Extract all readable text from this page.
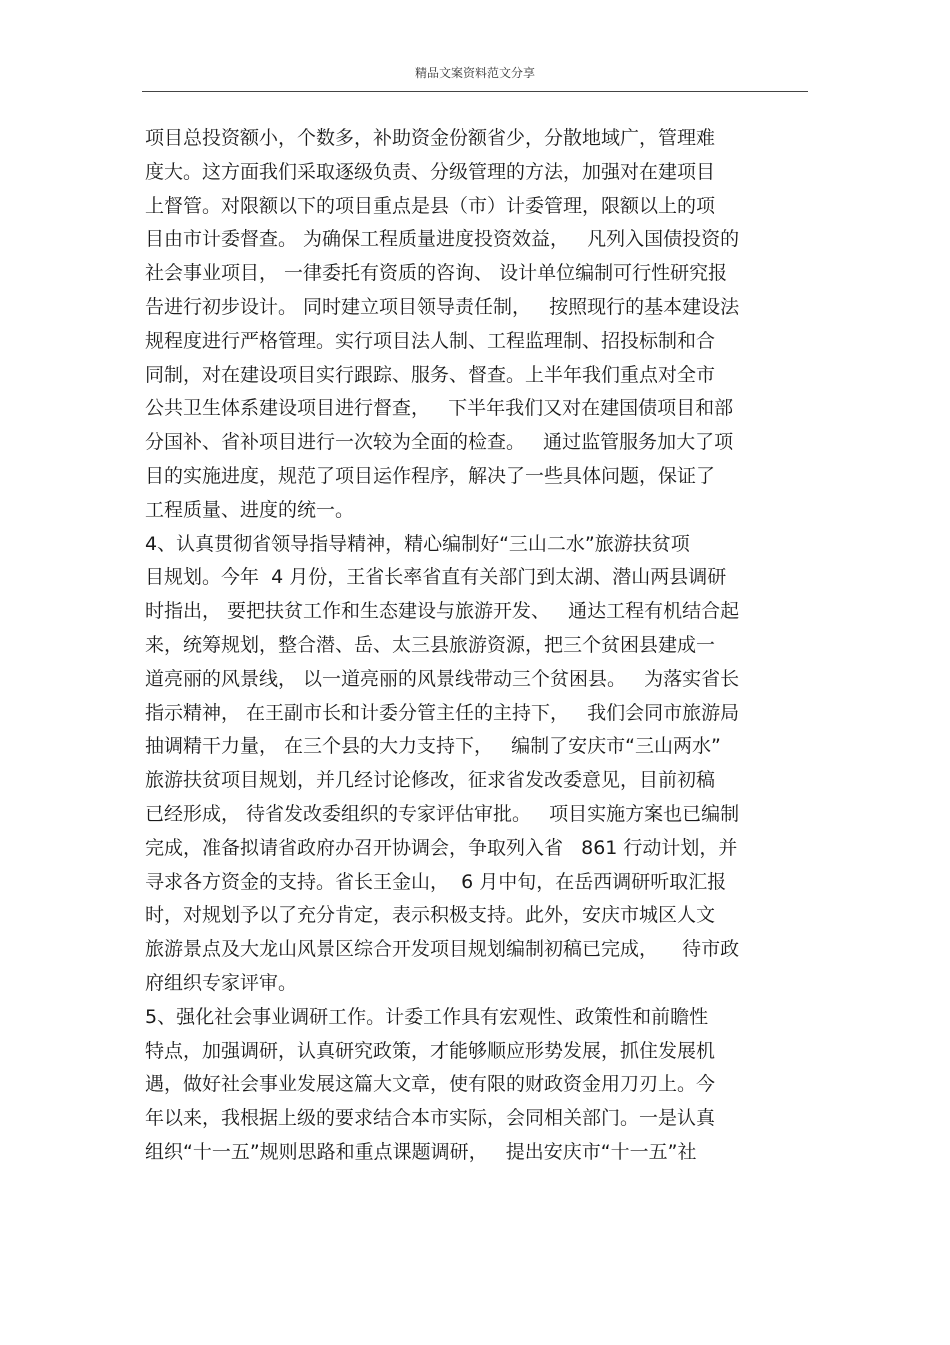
精品文案资料范文分享
项目总投资额小，个数多，补助资金份额省少，分散地域广，管理难
度大。这方面我们采取逐级负责、分级管理的方法，加强对在建项目
上督管。对限额以下的项目重点是县（市）计委管理，限额以上的项
目由市计委督查。 为确保工程质量进度投资效益，   凡列入国债投资的
社会事业项目， 一律委托有资质的咨询、 设计单位编制可行性研究报
告进行初步设计。 同时建立项目领导责任制，   按照现行的基本建设法
规程度进行严格管理。实行项目法人制、工程监理制、招投标制和合
同制，对在建设项目实行跟踪、服务、督查。上半年我们重点对全市
公共卫生体系建设项目进行督查，   下半年我们又对在建国债项目和部
分国补、省补项目进行一次较为全面的检查。   通过监管服务加大了项
目的实施进度，规范了项目运作程序，解决了一些具体问题，保证了
工程质量、进度的统一。
4、认真贯彻省领导指导精神，精心编制好“三山二水”旅游扶贫项
目规划。今年  4 月份，王省长率省直有关部门到太湖、潜山两县调研
时指出， 要把扶贫工作和生态建设与旅游开发、   通达工程有机结合起
来，统筹规划，整合潜、岳、太三县旅游资源，把三个贫困县建成一
道亮丽的风景线， 以一道亮丽的风景线带动三个贫困县。   为落实省长
指示精神， 在王副市长和计委分管主任的主持下，   我们会同市旅游局
抽调精干力量， 在三个县的大力支持下，   编制了安庆市“三山两水”
旅游扶贫项目规划，并几经讨论修改，征求省发改委意见，目前初稿
已经形成， 待省发改委组织的专家评估审批。   项目实施方案也已编制
完成，准备拟请省政府办召开协调会，争取列入省   861 行动计划，并
寻求各方资金的支持。省长王金山，  6 月中旬，在岳西调研听取汇报
时，对规划予以了充分肯定，表示积极支持。此外，安庆市城区人文
旅游景点及大龙山风景区综合开发项目规划编制初稿已完成，    待市政
府组织专家评审。
5、强化社会事业调研工作。计委工作具有宏观性、政策性和前瞻性
特点，加强调研，认真研究政策，才能够顺应形势发展，抓住发展机
遇，做好社会事业发展这篇大文章，使有限的财政资金用刀刃上。今
年以来，我根据上级的要求结合本市实际，会同相关部门。一是认真
组织“十一五”规则思路和重点课题调研，   提出安庆市“十一五”社
